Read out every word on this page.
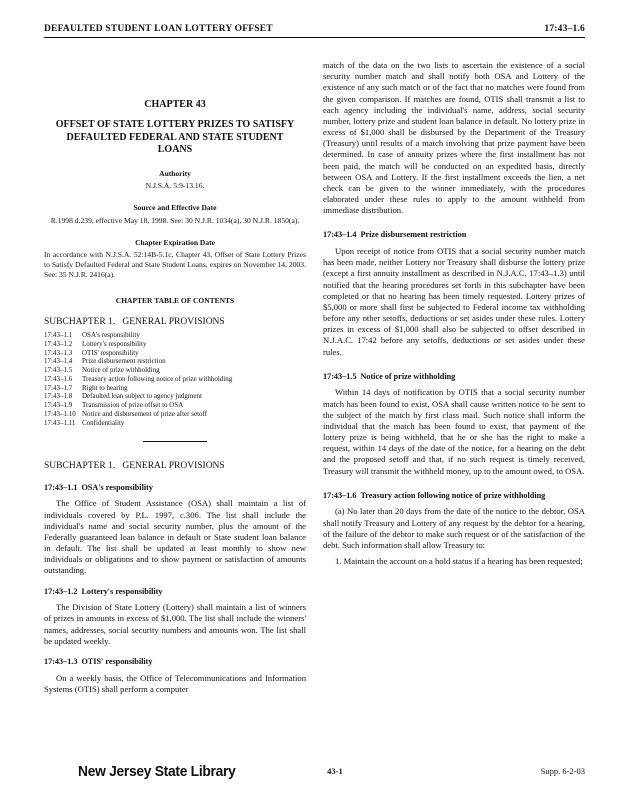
DEFAULTED STUDENT LOAN LOTTERY OFFSET	17:43–1.6
CHAPTER 43
OFFSET OF STATE LOTTERY PRIZES TO SATISFY DEFAULTED FEDERAL AND STATE STUDENT LOANS
Authority
N.J.S.A. 5:9-13.16.
Source and Effective Date
R.1998 d.239, effective May 18, 1998. See: 30 N.J.R. 1034(a), 30 N.J.R. 1850(a).
Chapter Expiration Date
In accordance with N.J.S.A. 52:14B-5.1c, Chapter 43, Offset of State Lottery Prizes to Satisfy Defaulted Federal and State Student Loans, expires on November 14, 2003. See: 35 N.J.R. 2416(a).
CHAPTER TABLE OF CONTENTS
SUBCHAPTER 1.   GENERAL PROVISIONS
17:43–1.1	OSA's responsibility
17:43–1.2	Lottery's responsibility
17:43–1.3	OTIS' responsibility
17:43–1.4	Prize disbursement restriction
17:43–1.5	Notice of prize withholding
17:43–1.6	Treasury action following notice of prize withholding
17:43–1.7	Right to hearing
17:43–1.8	Defaulted loan subject to agency judgment
17:43–1.9	Transmission of prize offset to OSA
17:43–1.10 Notice and disbursement of prize after setoff
17:43–1.11 Confidentiality
SUBCHAPTER 1.   GENERAL PROVISIONS
17:43–1.1 OSA's responsibility
The Office of Student Assistance (OSA) shall maintain a list of individuals covered by P.L. 1997, c.306. The list shall include the individual's name and social security number, plus the amount of the Federally guaranteed loan balance in default or State student loan balance in default. The list shall be updated at least monthly to show new individuals or obligations and to show payment or satisfaction of amounts outstanding.
17:43–1.2 Lottery's responsibility
The Division of State Lottery (Lottery) shall maintain a list of winners of prizes in amounts in excess of $1,000. The list shall include the winners' names, addresses, social security numbers and amounts won. The list shall be updated weekly.
17:43–1.3 OTIS' responsibility
On a weekly basis, the Office of Telecommunications and Information Systems (OTIS) shall perform a computer
match of the data on the two lists to ascertain the existence of a social security number match and shall notify both OSA and Lottery of the existence of any such match or of the fact that no matches were found from the given comparison. If matches are found, OTIS shall transmit a list to each agency including the individual's name, address, social security number, lottery prize and student loan balance in default. No lottery prize in excess of $1,000 shall be disbursed by the Department of the Treasury (Treasury) until results of a match involving that prize payment have been determined. In case of annuity prizes where the first installment has not been paid, the match will be conducted on an expedited basis, directly between OSA and Lottery. If the first installment exceeds the lien, a net check can be given to the winner immediately, with the procedures elaborated under these rules to apply to the amount withheld from immediate distribution.
17:43–1.4 Prize disbursement restriction
Upon receipt of notice from OTIS that a social security number match has been made, neither Lottery nor Treasury shall disburse the lottery prize (except a first annuity installment as described in N.J.A.C. 17:43–1.3) until notified that the hearing procedures set forth in this subchapter have been completed or that no hearing has been timely requested. Lottery prizes of $5,000 or more shall first be subjected to Federal income tax withholding before any other setoffs, deductions or set asides under these rules. Lottery prizes in excess of $1,000 shall also be subjected to offset described in N.J.A.C. 17:42 before any setoffs, deductions or set asides under these rules.
17:43–1.5 Notice of prize withholding
Within 14 days of notification by OTIS that a social security number match has been found to exist, OSA shall cause written notice to be sent to the subject of the match by first class mail. Such notice shall inform the individual that the match has been found to exist, that payment of the lottery prize is being withheld, that he or she has the right to make a request, within 14 days of the date of the notice, for a hearing on the debt and the proposed setoff and that, if no such request is timely received, Treasury will transmit the withheld money, up to the amount owed, to OSA.
17:43–1.6 Treasury action following notice of prize withholding
(a) No later than 20 days from the date of the notice to the debtor, OSA shall notify Treasury and Lottery of any request by the debtor for a hearing, of the failure of the debtor to make such request or of the satisfaction of the debt. Such information shall allow Treasury to:
1. Maintain the account on a hold status if a hearing has been requested;
New Jersey State Library	43-1	Supp. 6-2-03
